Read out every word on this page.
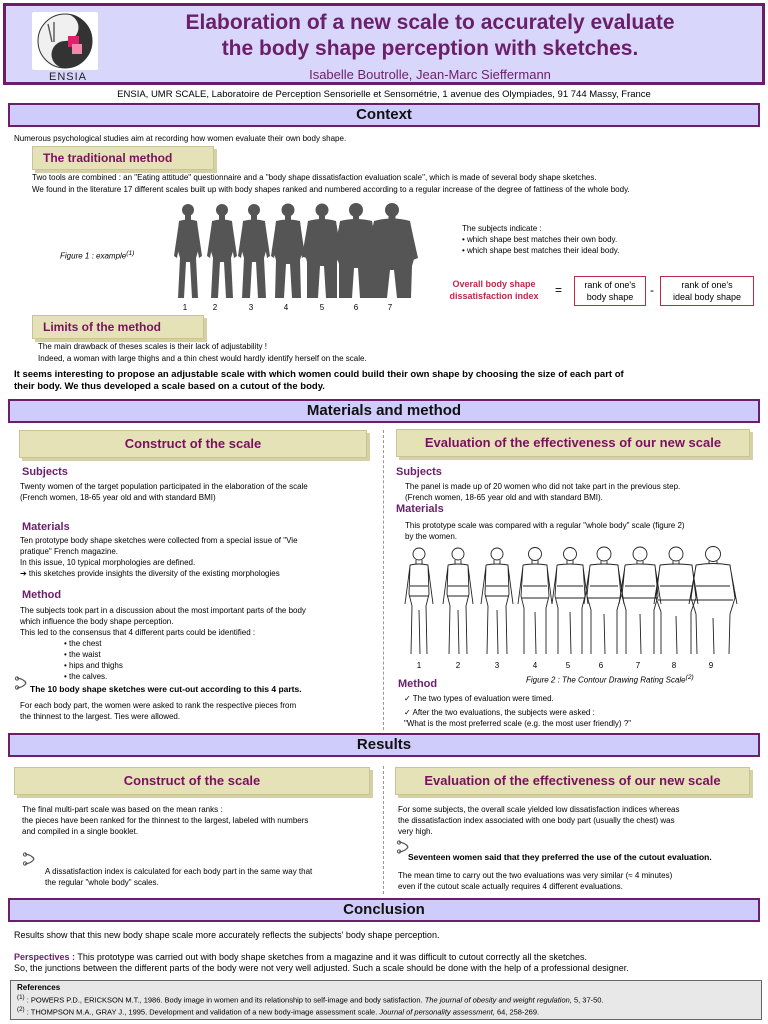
ENSIA
Elaboration of a new scale to accurately evaluate
the body shape perception with sketches.
Isabelle Boutrolle, Jean-Marc Sieffermann
ENSIA, UMR SCALE, Laboratoire de Perception Sensorielle et Sensométrie, 1 avenue des Olympiades, 91 744 Massy, France
Context
Numerous psychological studies aim at recording how women evaluate their own body shape.
The traditional method
Two tools are combined : an "Eating attitude" questionnaire and a "body shape dissatisfaction evaluation scale", which is made of several body shape sketches.
We found in the literature 17 different scales built up with body shapes ranked and numbered according to a regular increase of the degree of fattiness of the whole body.
Figure 1 : example$^{(1)}$
1	2	3	4	5	6	7
The subjects indicate :
• which shape best matches their own body.
• which shape best matches their ideal body.
Overall body shape
dissatisfaction index	=	rank of one's
body shape	-	rank of one's
ideal body shape
Limits of the method
The main drawback of theses scales is their lack of adjustability !
Indeed, a woman with large thighs and a thin chest would hardly identify herself on the scale.
It seems interesting to propose an adjustable scale with which women could build their own shape by choosing the size of each part of
their body. We thus developed a scale based on a cutout of the body.
Materials and method
Construct of the scale
Subjects
Twenty women of the target population participated in the elaboration of the scale
(French women, 18-65 year old and with standard BMI)
Materials
Ten prototype body shape sketches were collected from a special issue of "Vie
pratique" French magazine.
In this issue, 10 typical morphologies are defined.
➔ this sketches provide insights the diversity of the existing morphologies
Method
The subjects took part in a discussion about the most important parts of the body
which influence the body shape perception.
This led to the consensus that 4 different parts could be identified :
• the chest
• the waist
• hips and thighs
• the calves.
The 10 body shape sketches were cut-out according to this 4 parts.
For each body part, the women were asked to rank the respective pieces from
the thinnest to the largest. Ties were allowed.
Evaluation of the effectiveness of our new scale
Subjects
The panel is made up of 20 women who did not take part in the previous step.
(French women, 18-65 year old and with standard BMI).
Materials
This prototype scale was compared with a regular "whole body" scale (figure 2)
by the women.
1	2	3	4	5	6	7	8	9
Figure 2 : The Contour Drawing Rating Scale$^{(2)}$
Method
✓ The two types of evaluation were timed.
✓ After the two evaluations, the subjects were asked :
"What is the most preferred scale (e.g. the most user friendly) ?"
Results
Construct of the scale
The final multi-part scale was based on the mean ranks :
the pieces have been ranked for the thinnest to the largest, labeled with numbers
and compiled in a single booklet.
A dissatisfaction index is calculated for each body part in the same way that
the regular "whole body" scales.
Evaluation of the effectiveness of our new scale
For some subjects, the overall scale yielded low dissatisfaction indices whereas
the dissatisfaction index associated with one body part (usually the chest) was
very high.
Seventeen women said that they preferred the use of the cutout evaluation.
The mean time to carry out the two evaluations was very similar (≈ 4 minutes)
even if the cutout scale actually requires 4 different evaluations.
Conclusion
Results show that this new body shape scale more accurately reflects the subjects' body shape perception.
Perspectives : This prototype was carried out with body shape sketches from a magazine and it was difficult to cutout correctly all the sketches.
So, the junctions between the different parts of the body were not very well adjusted. Such a scale should be done with the help of a professional designer.
References
$^{(1)}$ : POWERS P.D., ERICKSON M.T., 1986. Body image in women and its relationship to self-image and body satisfaction. The journal of obesity and weight regulation, 5, 37-50.
$^{(2)}$ : THOMPSON M.A., GRAY J., 1995. Development and validation of a new body-image assessment scale. Journal of personality assessment, 64, 258-269.
